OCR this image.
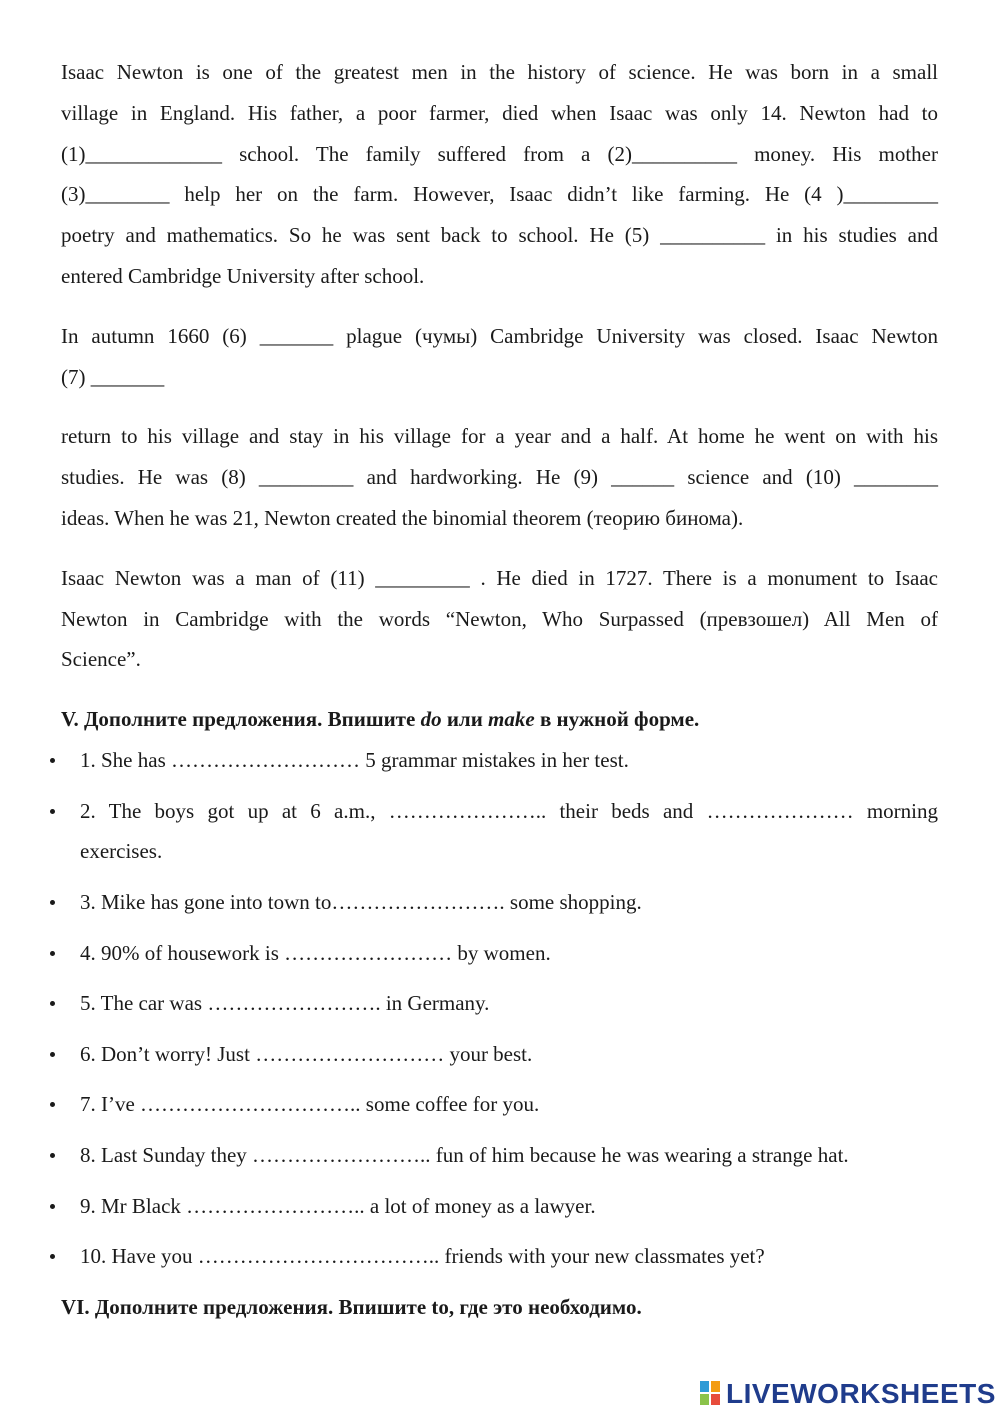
Isaac Newton is one of the greatest men in the history of science. He was born in a small
village in England. His father, a poor farmer, died when Isaac was only 14. Newton had to
(1)_____________ school. The family suffered from a (2)__________ money. His mother
(3)________ help her on the farm. However, Isaac didn’t like farming. He (4 )_________
poetry and mathematics. So he was sent back to school. He (5) __________ in his studies and
entered Cambridge University after school.
In autumn 1660 (6) _______ plague (чумы) Cambridge University was closed. Isaac Newton
(7) _______
return to his village and stay in his village for a year and a half. At home he went on with his
studies. He was (8) _________ and hardworking. He (9) ______ science and (10) ________
ideas. When he was 21, Newton created the binomial theorem (теорию бинома).
Isaac Newton was a man of (11) _________ . He died in 1727. There is a monument to Isaac
Newton in Cambridge with the words “Newton, Who Surpassed (превзошел) All Men of
Science”.
V. Дополните предложения. Впишите do или make в нужной форме.
1. She has ……………………… 5 grammar mistakes in her test.
2. The boys got up at 6 a.m., ………………….. their beds and ………………… morning
exercises.
3. Mike has gone into town to……………………. some shopping.
4. 90% of housework is …………………… by women.
5. The car was ……………………. in Germany.
6. Don’t worry! Just ……………………… your best.
7. I’ve ………………………….. some coffee for you.
8. Last Sunday they …………………….. fun of him because he was wearing a strange hat.
9. Mr Black …………………….. a lot of money as a lawyer.
10. Have you …………………………….. friends with your new classmates yet?
VI. Дополните предложения. Впишите to, где это необходимо.
LIVEWORKSHEETS
